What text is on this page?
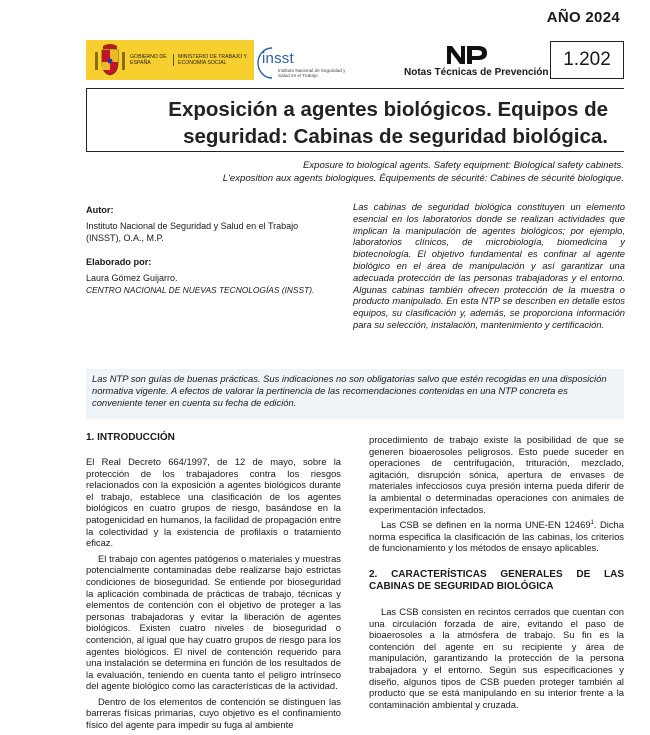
AÑO 2024
GOBIERNO DE ESPAÑA
MINISTERIO DE TRABAJO Y ECONOMÍA SOCIAL	insst
Instituto Nacional de Seguridad y Salud en el Trabajo	Notas Técnicas de Prevención
1.202
Exposición a agentes biológicos. Equipos de
seguridad: Cabinas de seguridad biológica.
Exposure to biological agents. Safety equipment: Biological safety cabinets.
L'exposition aux agents biologiques. Équipements de sécurité: Cabines de sécurité biologique.
Autor:
Instituto Nacional de Seguridad y Salud en el Trabajo
(INSST), O.A., M.P.
Elaborado por:
Laura Gómez Guijarro.
CENTRO NACIONAL DE NUEVAS TECNOLOGÍAS (INSST).
Las cabinas de seguridad biológica constituyen un elemento esencial en los laboratorios donde se realizan actividades que implican la manipulación de agentes biológicos; por ejemplo, laboratorios clínicos, de microbiología, biomedicina y biotecnología. El objetivo fundamental es confinar al agente biológico en el área de manipulación y así garantizar una adecuada protección de las personas trabajadoras y el entorno. Algunas cabinas también ofrecen protección de la muestra o producto manipulado. En esta NTP se describen en detalle estos equipos, su clasificación y, además, se proporciona información para su selección, instalación, mantenimiento y certificación.
Las NTP son guías de buenas prácticas. Sus indicaciones no son obligatorias salvo que estén recogidas en una disposición normativa vigente. A efectos de valorar la pertinencia de las recomendaciones contenidas en una NTP concreta es conveniente tener en cuenta su fecha de edición.
1. INTRODUCCIÓN

El Real Decreto 664/1997, de 12 de mayo, sobre la protección de los trabajadores contra los riesgos relacionados con la exposición a agentes biológicos durante el trabajo, establece una clasificación de los agentes biológicos en cuatro grupos de riesgo, basándose en la patogenicidad en humanos, la facilidad de propagación entre la colectividad y la existencia de profilaxis o tratamiento eficaz.

El trabajo con agentes patógenos o materiales y muestras potencialmente contaminadas debe realizarse bajo estrictas condiciones de bioseguridad. Se entiende por bioseguridad la aplicación combinada de prácticas de trabajo, técnicas y elementos de contención con el objetivo de proteger a las personas trabajadoras y evitar la liberación de agentes biológicos. Existen cuatro niveles de bioseguridad o contención, al igual que hay cuatro grupos de riesgo para los agentes biológicos. El nivel de contención requerido para una instalación se determina en función de los resultados de la evaluación, teniendo en cuenta tanto el peligro intrínseco del agente biológico como las características de la actividad.

Dentro de los elementos de contención se distinguen las barreras físicas primarias, cuyo objetivo es el confinamiento físico del agente para impedir su fuga al ambiente

procedimiento de trabajo existe la posibilidad de que se generen bioaerosoles peligrosos. Esto puede suceder en operaciones de centrifugación, trituración, mezclado, agitación, disrupción sónica, apertura de envases de materiales infecciosos cuya presión interna pueda diferir de la ambiental o determinadas operaciones con animales de experimentación infectados.

Las CSB se definen en la norma UNE-EN 12469$^1$. Dicha norma especifica la clasificación de las cabinas, los criterios de funcionamiento y los métodos de ensayo aplicables.

2. CARACTERÍSTICAS GENERALES DE LAS CABINAS DE SEGURIDAD BIOLÓGICA

Las CSB consisten en recintos cerrados que cuentan con una circulación forzada de aire, evitando el paso de bioaerosoles a la atmósfera de trabajo. Su fin es la contención del agente en su recipiente y área de manipulación, garantizando la protección de la persona trabajadora y el entorno. Según sus especificaciones y diseño, algunos tipos de CSB pueden proteger también al producto que se está manipulando en su interior frente a la contaminación ambiental y cruzada.
